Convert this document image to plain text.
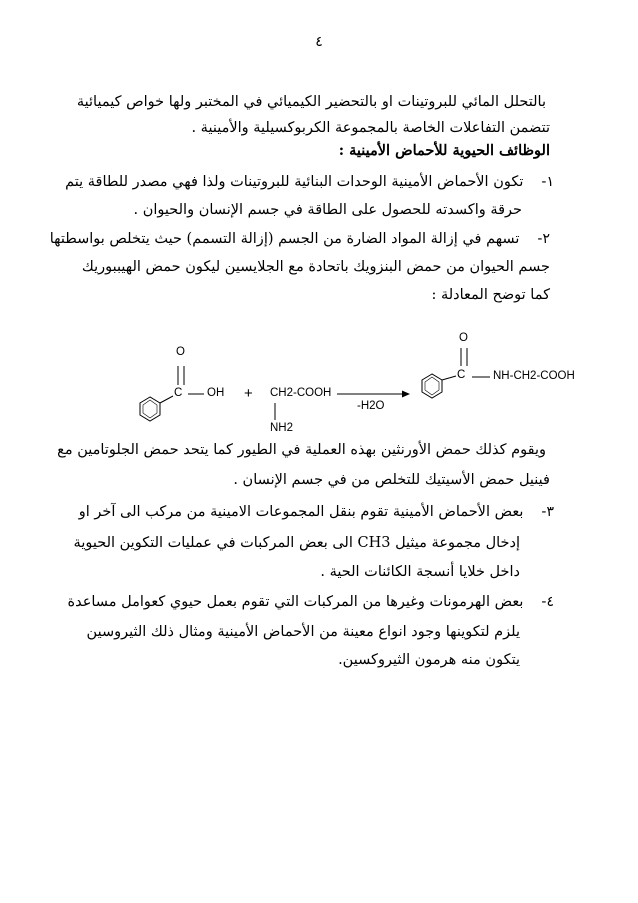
٤
بالتحلل المائي للبروتينات او بالتحضير الكيميائي في المختبر ولها خواص كيميائية
تتضمن التفاعلات الخاصة بالمجموعة الكربوكسيلية والأمينية .
الوظائف الحيوية للأحماض الأمينية :
١- تكون الأحماض الأمينية الوحدات البنائية للبروتينات ولذا فهي مصدر للطاقة يتم
حرقة واكسدته للحصول على الطاقة في جسم الإنسان والحيوان .
٢- تسهم في إزالة المواد الضارة من الجسم (إزالة التسمم) حيث يتخلص بواسطتها
جسم الحيوان من حمض البنزويك باتحادة مع الجلايسين ليكون حمض الهيببوريك
كما توضح المعادلة :
O
C OH + CH2-COOH
NH2
-H2O
O
C NH-CH2-COOH
ويقوم كذلك حمض الأورنثين بهذه العملية في الطيور كما يتحد حمض الجلوتامين مع
فينيل حمض الأسيتيك للتخلص من في جسم الإنسان .
٣- بعض الأحماض الأمينية تقوم بنقل المجموعات الامينية من مركب الى آخر او
إدخال مجموعة ميثيل CH3 الى بعض المركبات في عمليات التكوين الحيوية
داخل خلايا أنسجة الكائنات الحية .
٤- بعض الهرمونات وغيرها من المركبات التي تقوم بعمل حيوي كعوامل مساعدة
يلزم لتكوينها وجود انواع معينة من الأحماض الأمينية ومثال ذلك الثيروسين
يتكون منه هرمون الثيروكسين.
